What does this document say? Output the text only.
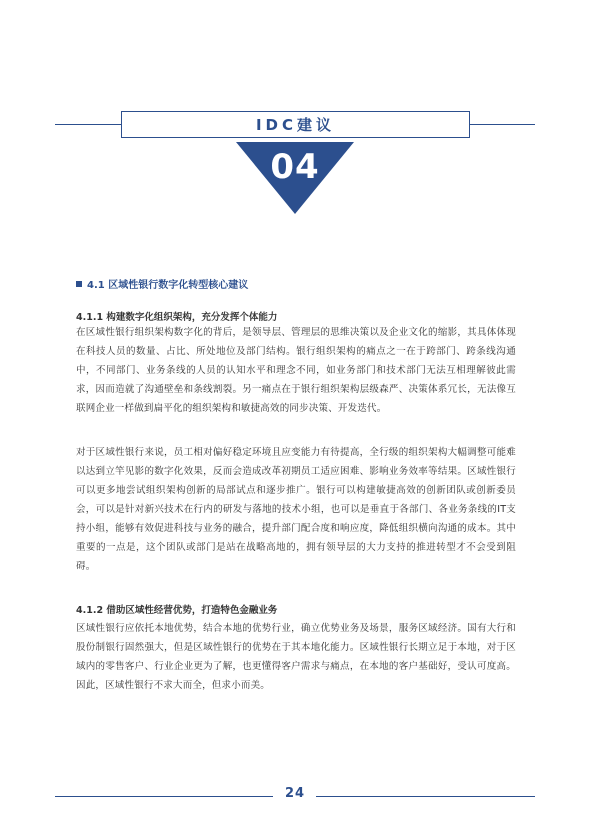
IDC建议
04
4.1 区域性银行数字化转型核心建议
4.1.1 构建数字化组织架构，充分发挥个体能力
在区域性银行组织架构数字化的背后，是领导层、管理层的思维决策以及企业文化的缩影，其具体体现在科技人员的数量、占比、所处地位及部门结构。银行组织架构的痛点之一在于跨部门、跨条线沟通中，不同部门、业务条线的人员的认知水平和理念不同，如业务部门和技术部门无法互相理解彼此需求，因而造就了沟通壁垒和条线割裂。另一痛点在于银行组织架构层级森严、决策体系冗长，无法像互联网企业一样做到扁平化的组织架构和敏捷高效的同步决策、开发迭代。
对于区域性银行来说，员工相对偏好稳定环境且应变能力有待提高，全行级的组织架构大幅调整可能难以达到立竿见影的数字化效果，反而会造成改革初期员工适应困难、影响业务效率等结果。区域性银行可以更多地尝试组织架构创新的局部试点和逐步推广。银行可以构建敏捷高效的创新团队或创新委员会，可以是针对新兴技术在行内的研发与落地的技术小组，也可以是垂直于各部门、各业务条线的IT支持小组，能够有效促进科技与业务的融合，提升部门配合度和响应度，降低组织横向沟通的成本。其中重要的一点是，这个团队或部门是站在战略高地的，拥有领导层的大力支持的推进转型才不会受到阻碍。
4.1.2 借助区域性经营优势，打造特色金融业务
区域性银行应依托本地优势，结合本地的优势行业，确立优势业务及场景，服务区域经济。国有大行和股份制银行固然强大，但是区域性银行的优势在于其本地化能力。区域性银行长期立足于本地，对于区域内的零售客户、行业企业更为了解，也更懂得客户需求与痛点，在本地的客户基础好，受认可度高。因此，区域性银行不求大而全，但求小而美。
24
